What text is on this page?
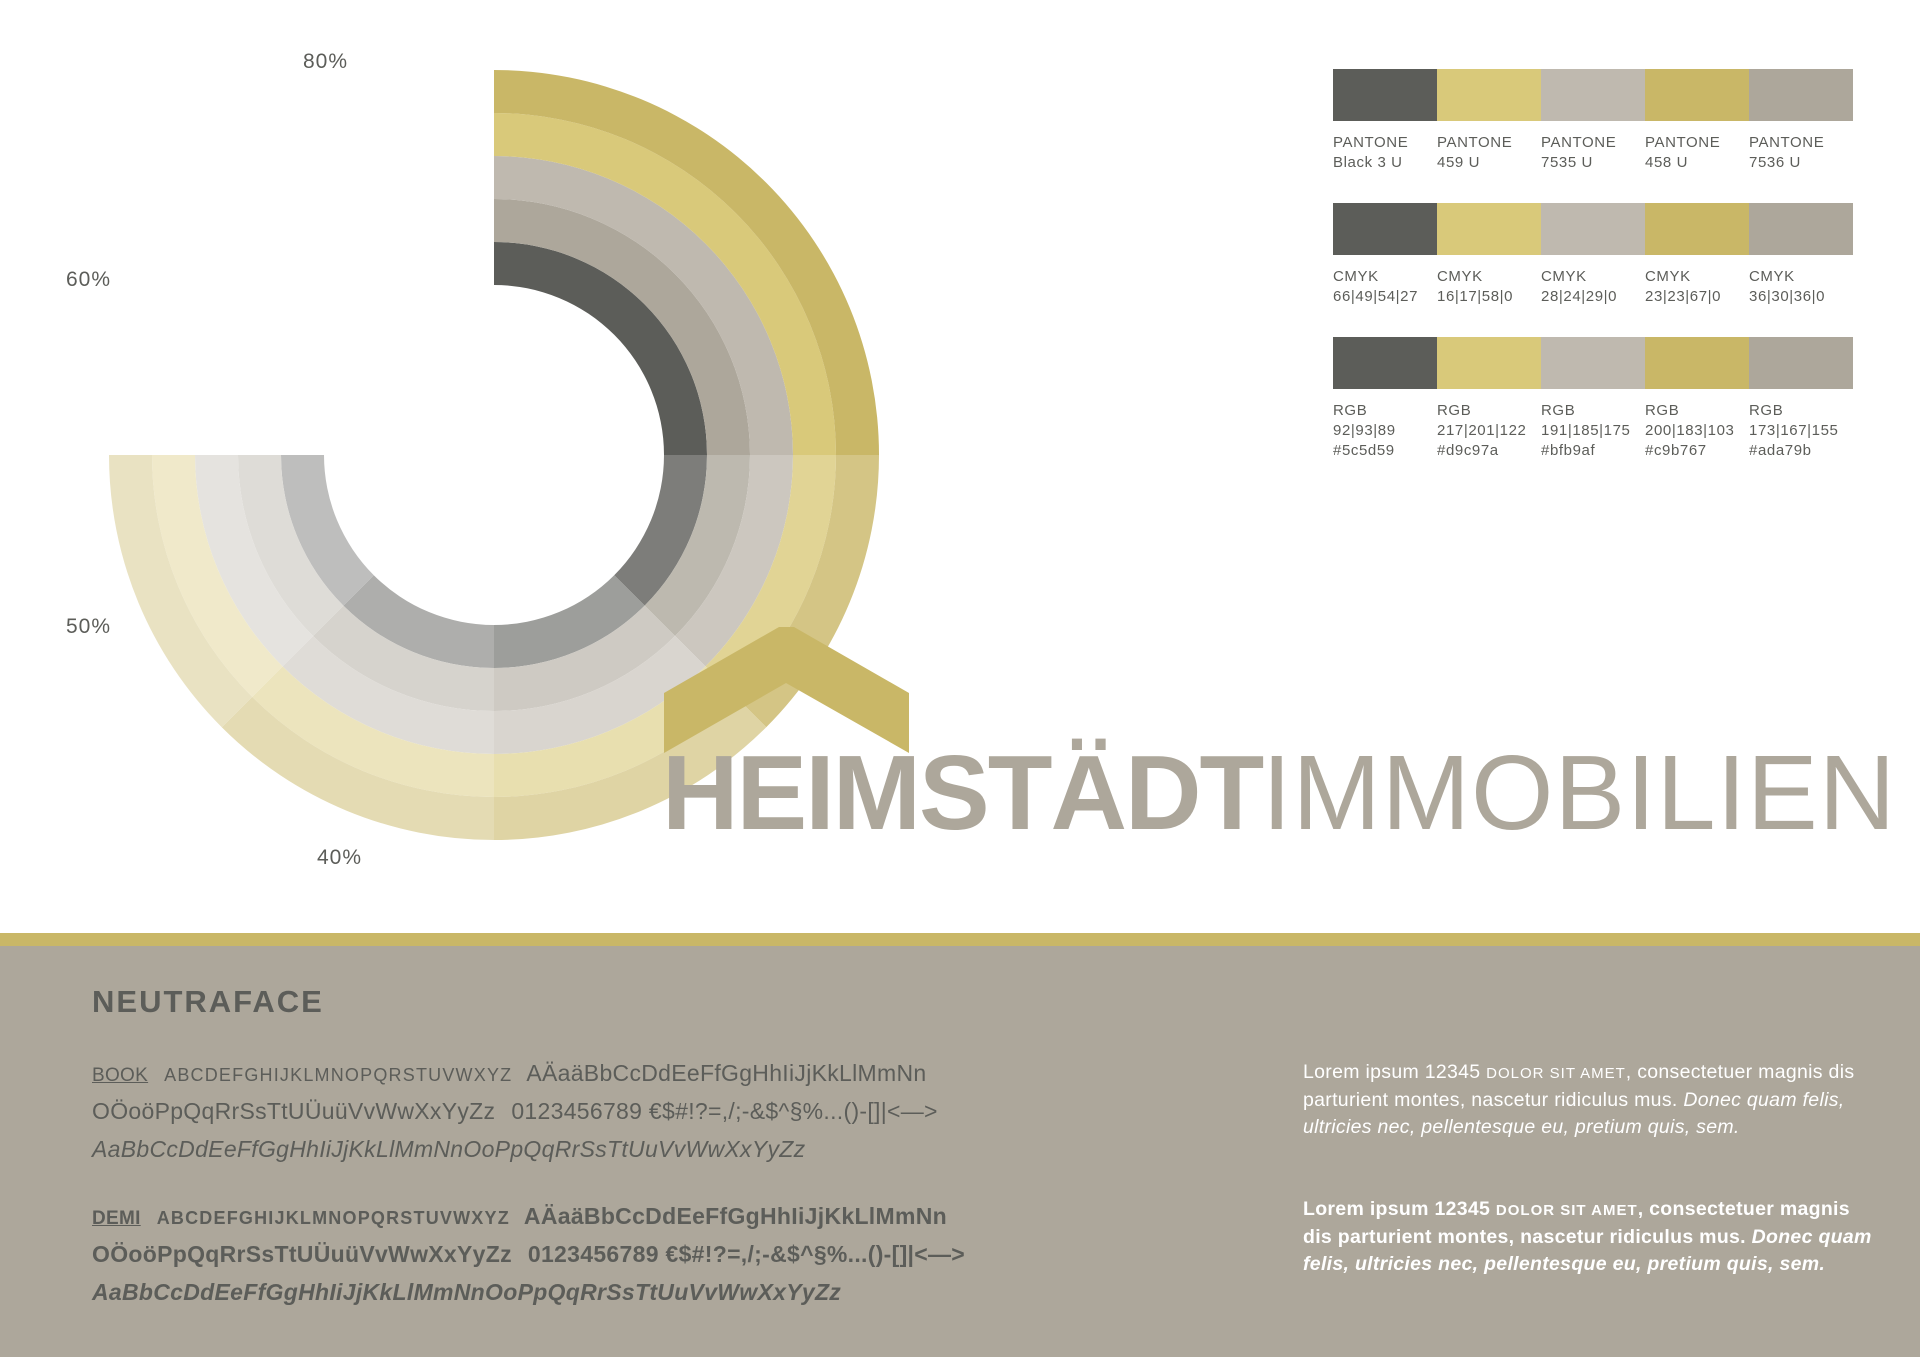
80%
60%
50%
40%
PANTONE
Black 3 U
PANTONE
459 U
PANTONE
7535 U
PANTONE
458 U
PANTONE
7536 U
CMYK
66|49|54|27
CMYK
16|17|58|0
CMYK
28|24|29|0
CMYK
23|23|67|0
CMYK
36|30|36|0
RGB
92|93|89
#5c5d59
RGB
217|201|122
#d9c97a
RGB
191|185|175
#bfb9af
RGB
200|183|103
#c9b767
RGB
173|167|155
#ada79b
HEIMSTÄDT IMMOBILIEN
NEUTRAFACE
BOOK ABCDEFGHIJKLMNOPQRSTUVWXYZ AÄaäBbCcDdEeFfGgHhIiJjKkLlMmNn
OÖoöPpQqRrSsTtUÜuüVvWwXxYyZz 0123456789 €$#!?=,/;-&$^§%...()-[]|<—>
AaBbCcDdEeFfGgHhIiJjKkLlMmNnOoPpQqRrSsTtUuVvWwXxYyZz
DEMI ABCDEFGHIJKLMNOPQRSTUVWXYZ AÄaäBbCcDdEeFfGgHhIiJjKkLlMmNn
OÖoöPpQqRrSsTtUÜuüVvWwXxYyZz 0123456789 €$#!?=,/;-&$^§%...()-[]|<—>
AaBbCcDdEeFfGgHhIiJjKkLlMmNnOoPpQqRrSsTtUuVvWwXxYyZz
Lorem ipsum 12345 DOLOR SIT AMET, consectetuer magnis dis parturient montes, nascetur ridiculus mus. Donec quam felis, ultricies nec, pellentesque eu, pretium quis, sem.
Lorem ipsum 12345 DOLOR SIT AMET, consectetuer magnis dis parturient montes, nascetur ridiculus mus. Donec quam felis, ultricies nec, pellentesque eu, pretium quis, sem.
